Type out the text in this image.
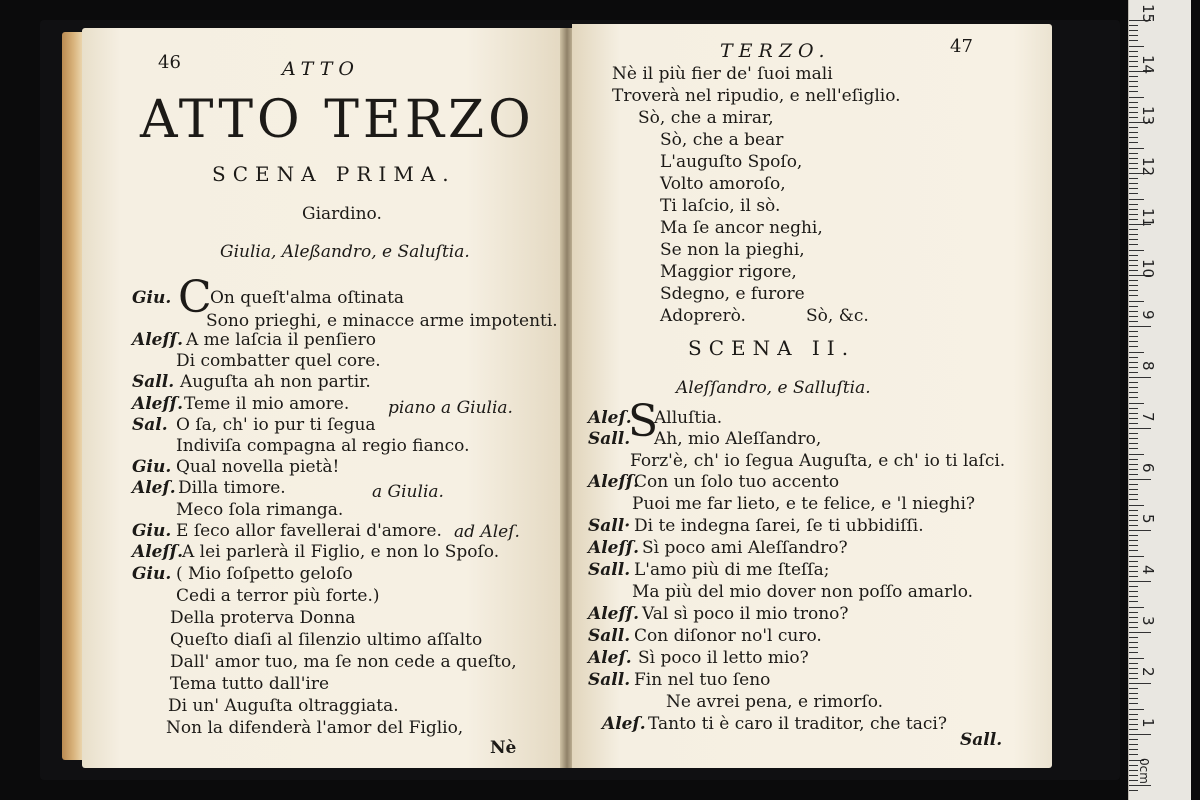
46	ATTO
ATTO TERZO
SCENA PRIMA.
Giardino.
Giulia, Aleßandro, e Saluſtia.
Giu. C
On queſt'alma oſtinata
Sono prieghi, e minacce arme impotenti.
Aleſſ. A me laſcia il penſiero
Di combatter quel core.
Sall. Auguſta ah non partir.
Aleſſ. Teme il mio amore. piano a Giulia.
Sal. O ſa, ch' io pur ti ſegua
Indiviſa compagna al regio fianco.
Giu. Qual novella pietà!
Aleſ. Dilla timore.	a Giulia.
Meco ſola rimanga.
Giu. E ſeco allor favellerai d'amore. ad Aleſ.
Aleſſ.
A lei parlerà il Figlio, e non lo Spoſo.
Giu. ( Mio ſoſpetto geloſo
Cedi a terror più forte.)
Della proterva Donna
Queſto diaſi al ſilenzio ultimo aſſalto
Dall' amor tuo, ma ſe non cede a queſto,
Tema tutto dall'ire
Di un' Auguſta oltraggiata.
Non la difenderà l'amor del Figlio,
Nè
TERZO.	47
Nè il più fier de' ſuoi mali
Troverà nel ripudio, e nell'eſiglio.
Sò, che a mirar,
Sò, che a bear
L'auguſto Spoſo,
Volto amoroſo,
Ti laſcio, il sò.
Ma ſe ancor neghi,
Se non la pieghi,
Maggior rigore,
Sdegno, e furore
Adoprerò.	Sò, &c.
SCENA II.
Aleſſandro, e Salluſtia.
Aleſ.
S
Alluſtia.
Sall. Ah, mio Aleſſandro,
Forz'è, ch' io ſegua Auguſta, e ch' io ti laſci.
Aleſſ.
Con un ſolo tuo accento
Puoi me far lieto, e te felice, e 'l nieghi?
Sall· Di te indegna ſarei, ſe ti ubbidiſſi.
Aleſſ. Sì poco ami Aleſſandro?
Sall. L'amo più di me ſteſſa;
Ma più del mio dover non poſſo amarlo.
Aleſſ. Val sì poco il mio trono?
Sall. Con diſonor no'l curo.
Aleſ. Sì poco il letto mio?
Sall. Fin nel tuo ſeno
Ne avrei pena, e rimorſo.
Aleſ. Tanto ti è caro il traditor, che taci?
Sall.
15
14
13
12
11
10
9
8
7
6
5
4
3
2
1
0cm
